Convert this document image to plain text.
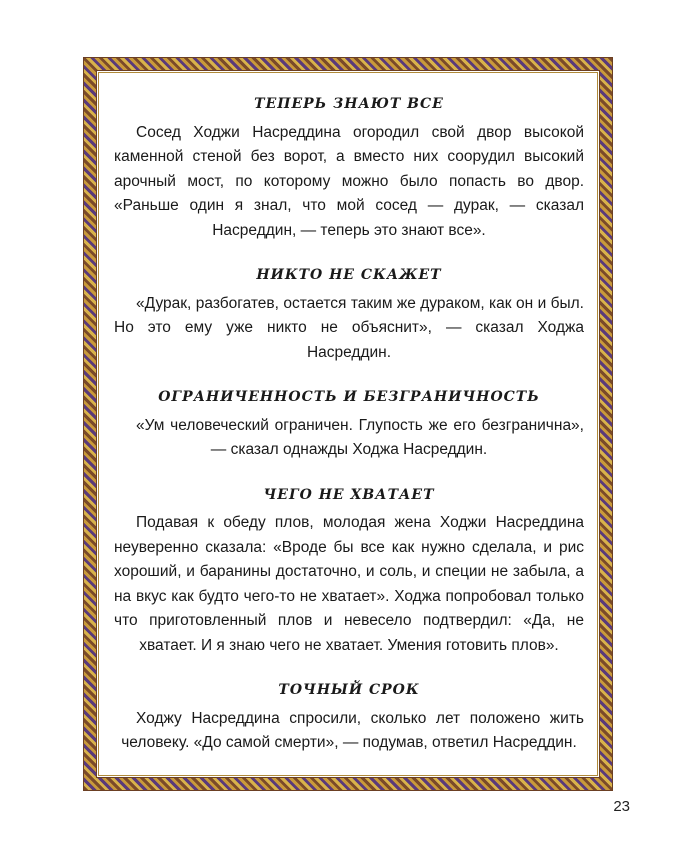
ТЕПЕРЬ ЗНАЮТ ВСЕ

Сосед Ходжи Насреддина огородил свой двор высокой каменной стеной без ворот, а вместо них соорудил высокий арочный мост, по которому можно было попасть во двор. «Раньше один я знал, что мой сосед — дурак, — сказал Насреддин, — теперь это знают все».

НИКТО НЕ СКАЖЕТ

«Дурак, разбогатев, остается таким же дураком, как он и был. Но это ему уже никто не объяснит», — сказал Ходжа Насреддин.

ОГРАНИЧЕННОСТЬ И БЕЗГРАНИЧНОСТЬ

«Ум человеческий ограничен. Глупость же его безгранична», — сказал однажды Ходжа Насреддин.

ЧЕГО НЕ ХВАТАЕТ

Подавая к обеду плов, молодая жена Ходжи Насреддина неуверенно сказала: «Вроде бы все как нужно сделала, и рис хороший, и баранины достаточно, и соль, и специи не забыла, а на вкус как будто чего-то не хватает». Ходжа попробовал только что приготовленный плов и невесело подтвердил: «Да, не хватает. И я знаю чего не хватает. Умения готовить плов».

ТОЧНЫЙ СРОК

Ходжу Насреддина спросили, сколько лет положено жить человеку. «До самой смерти», — подумав, ответил Насреддин.

23
